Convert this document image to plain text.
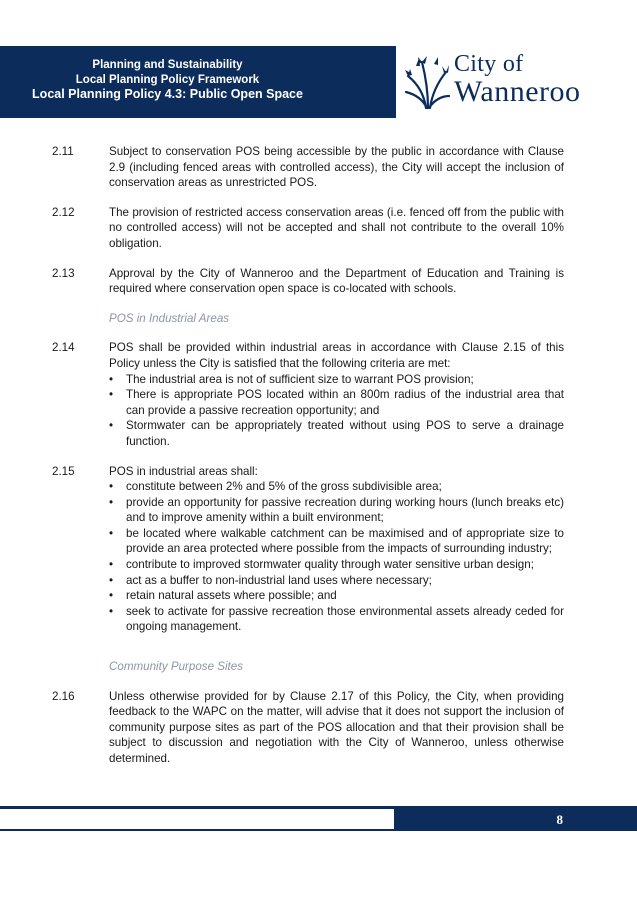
Planning and Sustainability
Local Planning Policy Framework
Local Planning Policy 4.3: Public Open Space
City of
Wanneroo
2.11	Subject to conservation POS being accessible by the public in accordance with Clause 2.9 (including fenced areas with controlled access), the City will accept the inclusion of conservation areas as unrestricted POS.

2.12	The provision of restricted access conservation areas (i.e. fenced off from the public with no controlled access) will not be accepted and shall not contribute to the overall 10% obligation.

2.13	Approval by the City of Wanneroo and the Department of Education and Training is required where conservation open space is co-located with schools.

POS in Industrial Areas
2.14	POS shall be provided within industrial areas in accordance with Clause 2.15 of this Policy unless the City is satisfied that the following criteria are met:

• The industrial area is not of sufficient size to warrant POS provision;
• There is appropriate POS located within an 800m radius of the industrial area that can provide a passive recreation opportunity; and
• Stormwater can be appropriately treated without using POS to serve a drainage function.
2.15	POS in industrial areas shall:

• constitute between 2% and 5% of the gross subdivisible area;
• provide an opportunity for passive recreation during working hours (lunch breaks etc) and to improve amenity within a built environment;
• be located where walkable catchment can be maximised and of appropriate size to provide an area protected where possible from the impacts of surrounding industry;
• contribute to improved stormwater quality through water sensitive urban design;
• act as a buffer to non-industrial land uses where necessary;
• retain natural assets where possible; and
• seek to activate for passive recreation those environmental assets already ceded for ongoing management.
Community Purpose Sites
2.16	Unless otherwise provided for by Clause 2.17 of this Policy, the City, when providing feedback to the WAPC on the matter, will advise that it does not support the inclusion of community purpose sites as part of the POS allocation and that their provision shall be subject to discussion and negotiation with the City of Wanneroo, unless otherwise determined.

8
